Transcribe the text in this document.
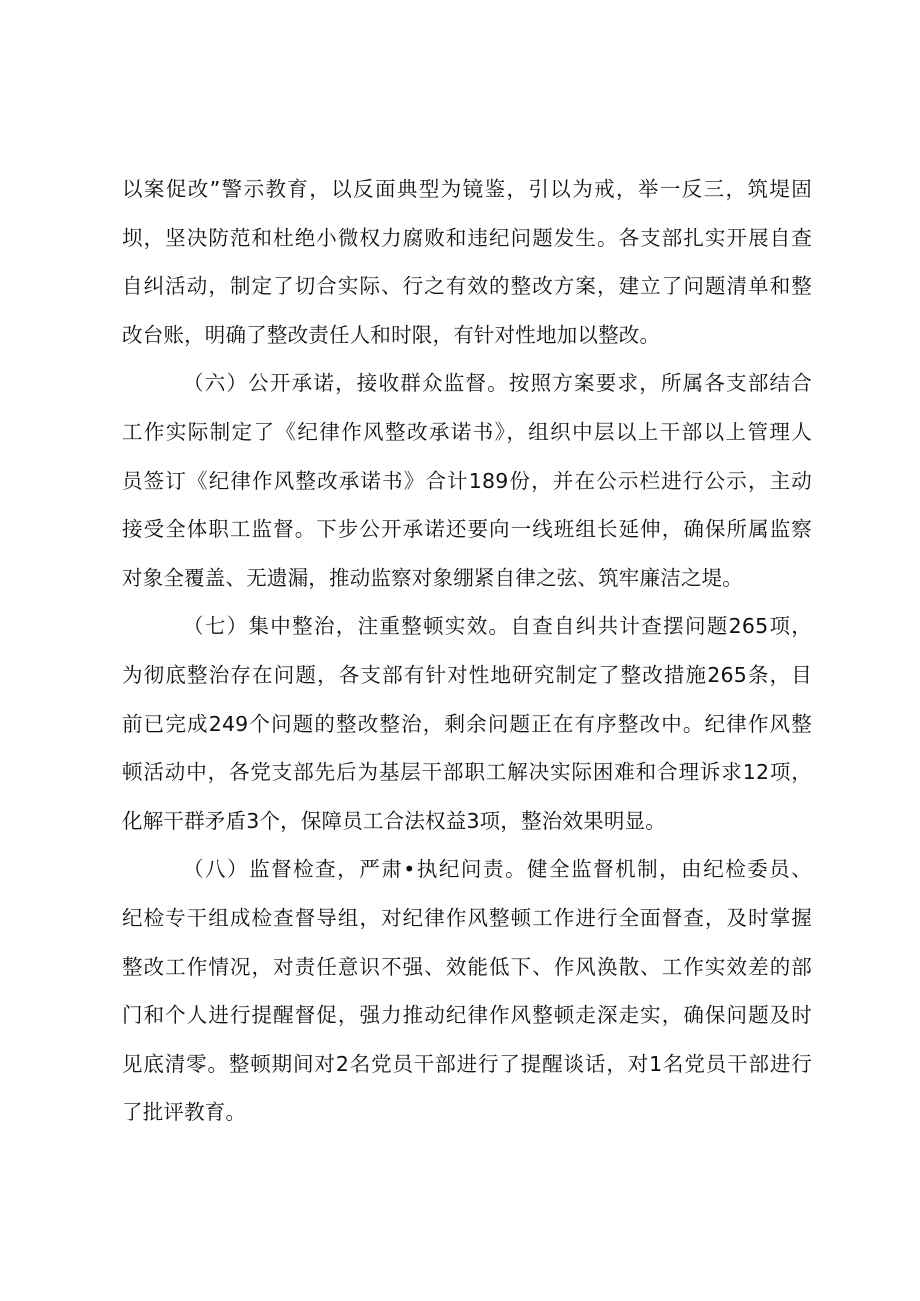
以案促改”警示教育，以反面典型为镜鉴，引以为戒，举一反三，筑堤固
坝，坚决防范和杜绝小微权力腐败和违纪问题发生。各支部扎实开展自查
自纠活动，制定了切合实际、行之有效的整改方案，建立了问题清单和整
改台账，明确了整改责任人和时限，有针对性地加以整改。
（六）公开承诺，接收群众监督。按照方案要求，所属各支部结合
工作实际制定了《纪律作风整改承诺书》，组织中层以上干部以上管理人
员签订《纪律作风整改承诺书》合计189份，并在公示栏进行公示，主动
接受全体职工监督。下步公开承诺还要向一线班组长延伸，确保所属监察
对象全覆盖、无遗漏，推动监察对象绷紧自律之弦、筑牢廉洁之堤。
（七）集中整治，注重整顿实效。自查自纠共计查摆问题265项，
为彻底整治存在问题，各支部有针对性地研究制定了整改措施265条，目
前已完成249个问题的整改整治，剩余问题正在有序整改中。纪律作风整
顿活动中，各党支部先后为基层干部职工解决实际困难和合理诉求12项，
化解干群矛盾3个，保障员工合法权益3项，整治效果明显。
（八）监督检查，严肃•执纪问责。健全监督机制，由纪检委员、
纪检专干组成检查督导组，对纪律作风整顿工作进行全面督查，及时掌握
整改工作情况，对责任意识不强、效能低下、作风涣散、工作实效差的部
门和个人进行提醒督促，强力推动纪律作风整顿走深走实，确保问题及时
见底清零。整顿期间对2名党员干部进行了提醒谈话，对1名党员干部进行
了批评教育。
